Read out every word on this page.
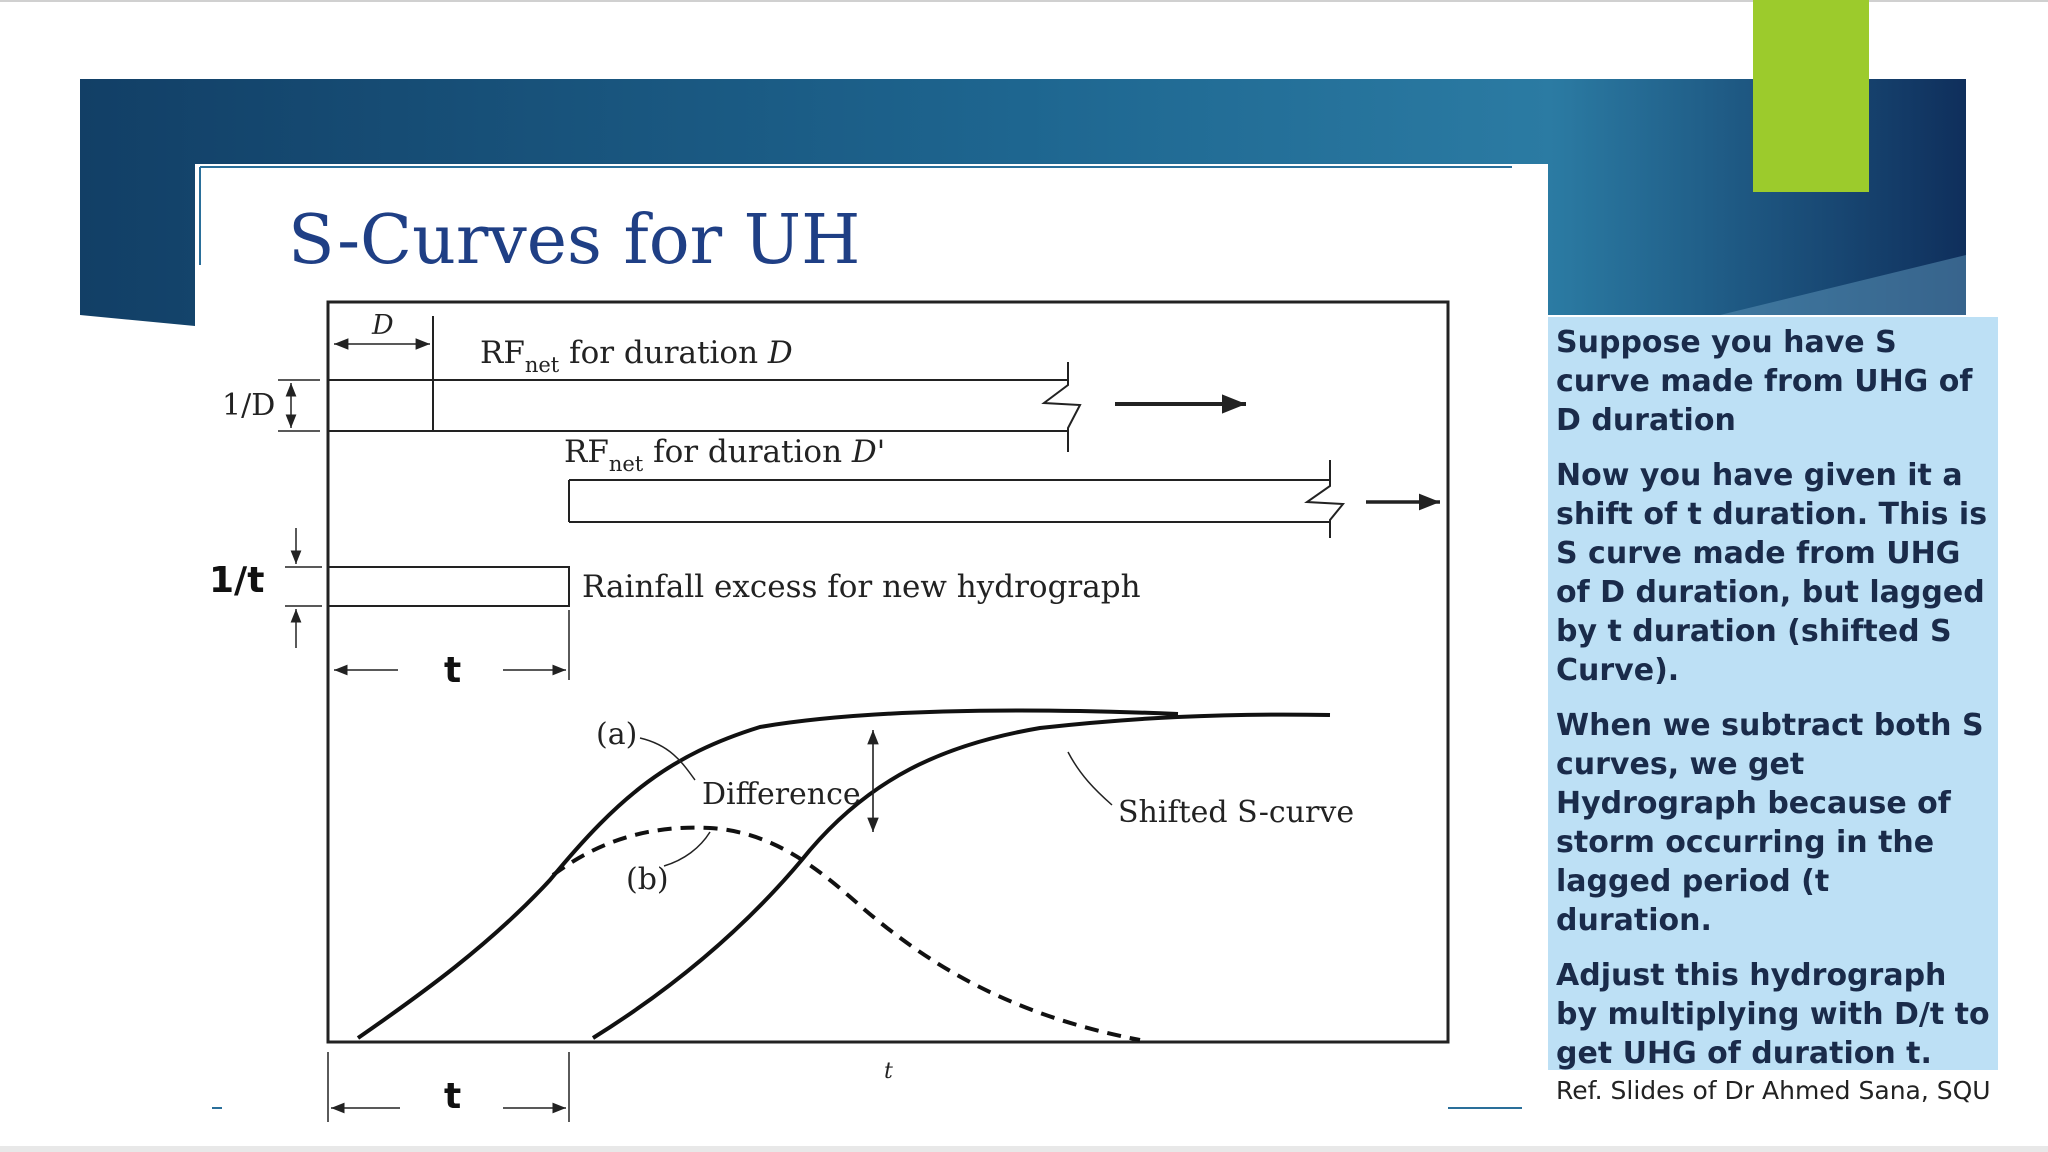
S-Curves for UH
D
$RF_{net}$ for duration D
1/D
$RF_{net}$ for duration D'
Rainfall excess for new hydrograph
1/t
t
Difference
(a)
(b)
Shifted S-curve
t
t

Suppose you have S curve made from UHG of D duration

Now you have given it a shift of t duration. This is S curve made from UHG of D duration, but lagged by t duration (shifted S Curve).

When we subtract both S curves, we get Hydrograph because of storm occurring in the lagged period (t duration.

Adjust this hydrograph by multiplying with D/t to get UHG of duration t.

Ref. Slides of Dr Ahmed Sana, SQU
